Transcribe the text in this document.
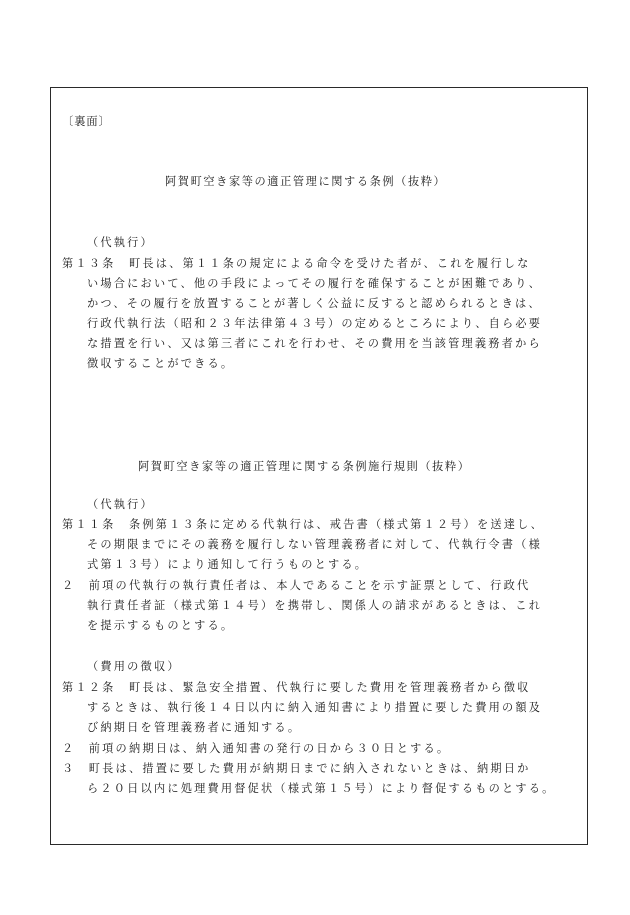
〔裏面〕
阿賀町空き家等の適正管理に関する条例（抜粋）
（代執行）
第１３条　町長は、第１１条の規定による命令を受けた者が、これを履行しな
い場合において、他の手段によってその履行を確保することが困難であり、
かつ、その履行を放置することが著しく公益に反すると認められるときは、
行政代執行法（昭和２３年法律第４３号）の定めるところにより、自ら必要
な措置を行い、又は第三者にこれを行わせ、その費用を当該管理義務者から
徴収することができる。
阿賀町空き家等の適正管理に関する条例施行規則（抜粋）
（代執行）
第１１条　条例第１３条に定める代執行は、戒告書（様式第１２号）を送達し、
その期限までにその義務を履行しない管理義務者に対して、代執行令書（様
式第１３号）により通知して行うものとする。
２　前項の代執行の執行責任者は、本人であることを示す証票として、行政代
執行責任者証（様式第１４号）を携帯し、関係人の請求があるときは、これ
を提示するものとする。
（費用の徴収）
第１２条　町長は、緊急安全措置、代執行に要した費用を管理義務者から徴収
するときは、執行後１４日以内に納入通知書により措置に要した費用の額及
び納期日を管理義務者に通知する。
２　前項の納期日は、納入通知書の発行の日から３０日とする。
３　町長は、措置に要した費用が納期日までに納入されないときは、納期日か
ら２０日以内に処理費用督促状（様式第１５号）により督促するものとする。
